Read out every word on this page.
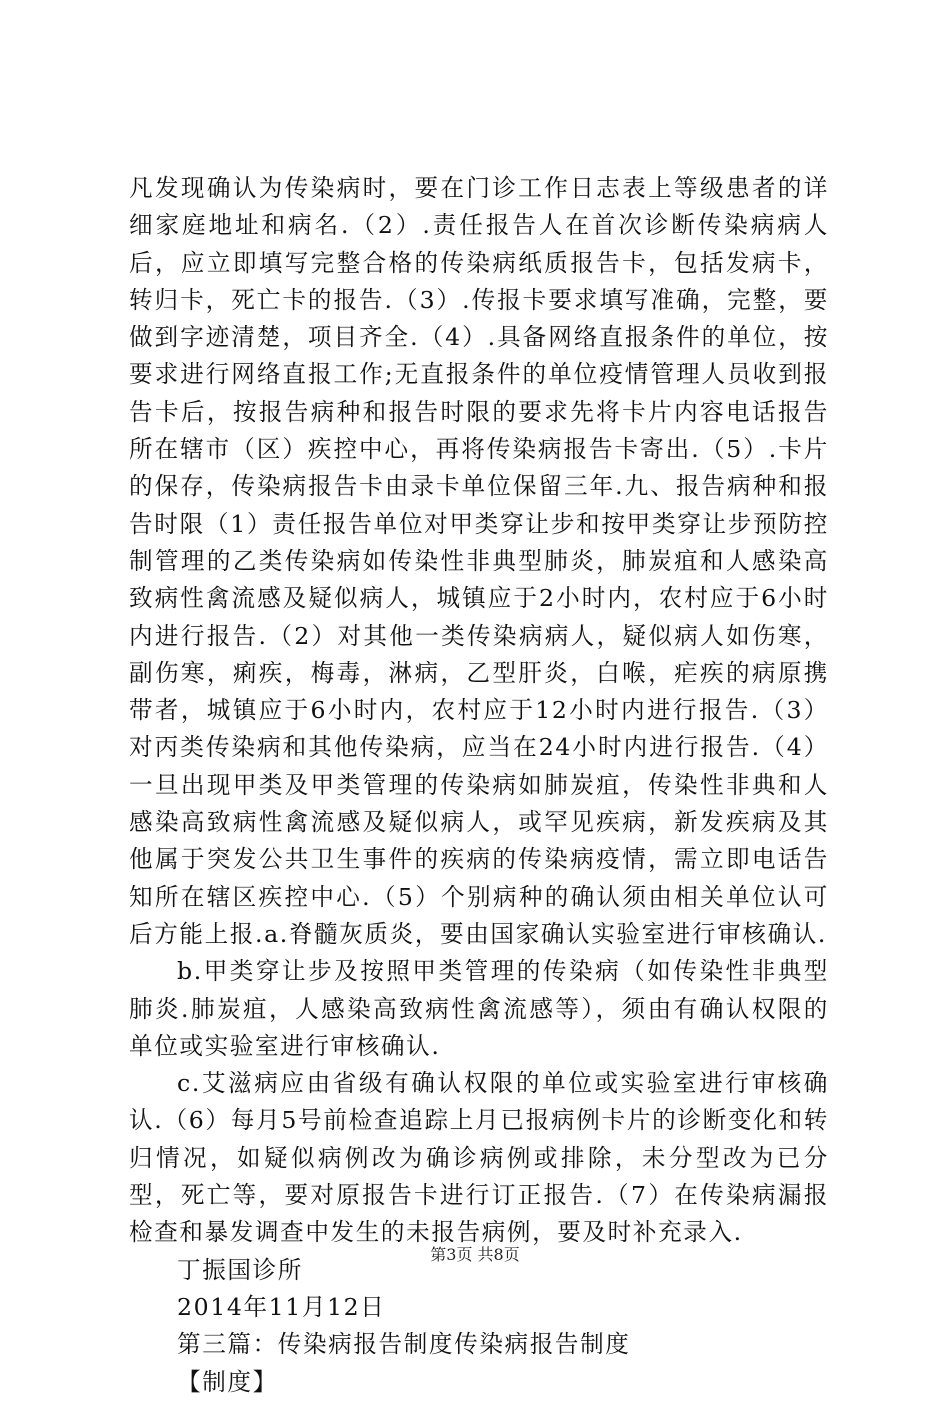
凡发现确认为传染病时，要在门诊工作日志表上等级患者的详细家庭地址和病名.（2）.责任报告人在首次诊断传染病病人后，应立即填写完整合格的传染病纸质报告卡，包括发病卡，转归卡，死亡卡的报告.（3）.传报卡要求填写准确，完整，要做到字迹清楚，项目齐全.（4）.具备网络直报条件的单位，按要求进行网络直报工作;无直报条件的单位疫情管理人员收到报告卡后，按报告病种和报告时限的要求先将卡片内容电话报告所在辖市（区）疾控中心，再将传染病报告卡寄出.（5）.卡片的保存，传染病报告卡由录卡单位保留三年.九、报告病种和报告时限（1）责任报告单位对甲类穿让步和按甲类穿让步预防控制管理的乙类传染病如传染性非典型肺炎，肺炭疽和人感染高致病性禽流感及疑似病人，城镇应于2小时内，农村应于6小时内进行报告.（2）对其他一类传染病病人，疑似病人如伤寒，副伤寒，痢疾，梅毒，淋病，乙型肝炎，白喉，疟疾的病原携带者，城镇应于6小时内，农村应于12小时内进行报告.（3）对丙类传染病和其他传染病，应当在24小时内进行报告.（4）一旦出现甲类及甲类管理的传染病如肺炭疽，传染性非典和人感染高致病性禽流感及疑似病人，或罕见疾病，新发疾病及其他属于突发公共卫生事件的疾病的传染病疫情，需立即电话告知所在辖区疾控中心.（5）个别病种的确认须由相关单位认可后方能上报.a.脊髓灰质炎，要由国家确认实验室进行审核确认.

b.甲类穿让步及按照甲类管理的传染病（如传染性非典型肺炎.肺炭疽，人感染高致病性禽流感等），须由有确认权限的单位或实验室进行审核确认.

c.艾滋病应由省级有确认权限的单位或实验室进行审核确认.（6）每月5号前检查追踪上月已报病例卡片的诊断变化和转归情况，如疑似病例改为确诊病例或排除，未分型改为已分型，死亡等，要对原报告卡进行订正报告.（7）在传染病漏报检查和暴发调查中发生的未报告病例，要及时补充录入.

丁振国诊所

2014年11月12日

第三篇：传染病报告制度传染病报告制度

【制度】

第3页 共8页
